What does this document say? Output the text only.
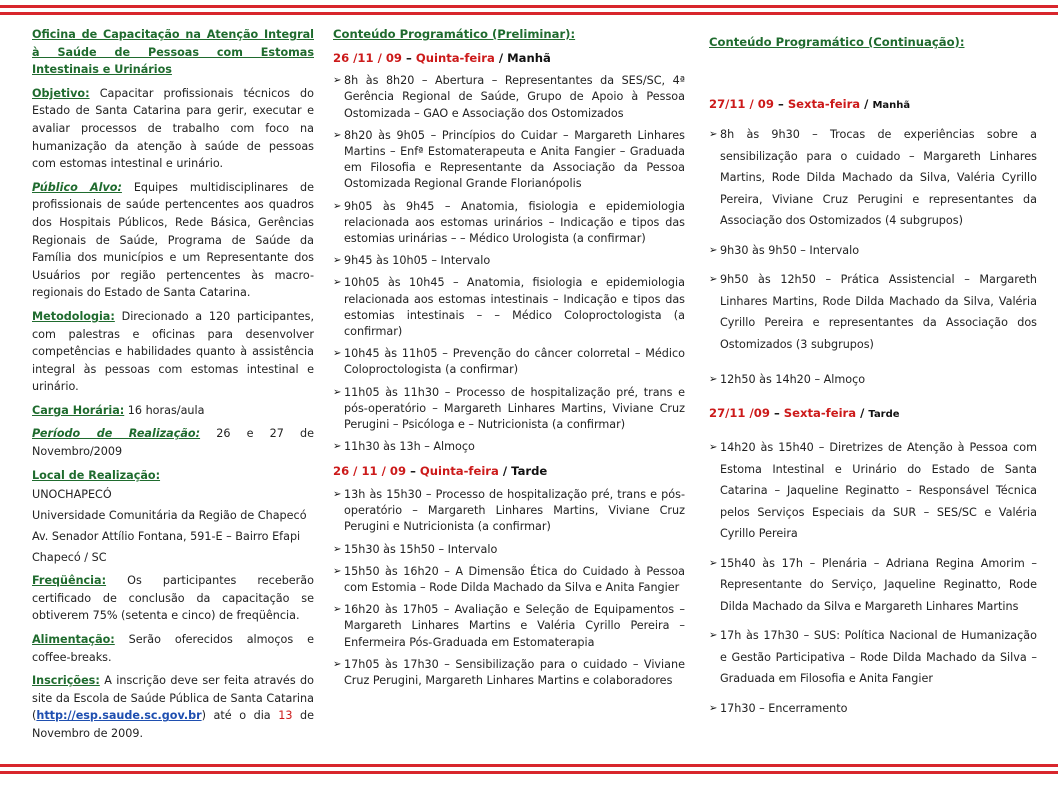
Oficina de Capacitação na Atenção Integral à Saúde de Pessoas com Estomas Intestinais e Urinários

Objetivo: Capacitar profissionais técnicos do Estado de Santa Catarina para gerir, executar e avaliar processos de trabalho com foco na humanização da atenção à saúde de pessoas com estomas intestinal e urinário.

Público Alvo: Equipes multidisciplinares de profissionais de saúde pertencentes aos quadros dos Hospitais Públicos, Rede Básica, Gerências Regionais de Saúde, Programa de Saúde da Família dos municípios e um Representante dos Usuários por região pertencentes às macro-regionais do Estado de Santa Catarina.

Metodologia: Direcionado a 120 participantes, com palestras e oficinas para desenvolver competências e habilidades quanto à assistência integral às pessoas com estomas intestinal e urinário.

Carga Horária: 16 horas/aula

Período de Realização: 26 e 27 de Novembro/2009

Local de Realização:

UNOCHAPECÓ
Universidade Comunitária da Região de Chapecó
Av. Senador Attílio Fontana, 591-E – Bairro Efapi
Chapecó / SC

Freqüência: Os participantes receberão certificado de conclusão da capacitação se obtiverem 75% (setenta e cinco) de freqüência.

Alimentação: Serão oferecidos almoços e coffee-breaks.

Inscrições: A inscrição deve ser feita através do site da Escola de Saúde Pública de Santa Catarina (http://esp.saude.sc.gov.br) até o dia 13 de Novembro de 2009.

Conteúdo Programático (Preliminar):

26 /11 / 09 – Quinta-feira / Manhã

➢ 8h às 8h20 – Abertura – Representantes da SES/SC, 4ª Gerência Regional de Saúde, Grupo de Apoio à Pessoa Ostomizada – GAO e Associação dos Ostomizados
➢ 8h20 às 9h05 – Princípios do Cuidar – Margareth Linhares Martins – Enfª Estomaterapeuta e Anita Fangier – Graduada em Filosofia e Representante da Associação da Pessoa Ostomizada Regional Grande Florianópolis
➢ 9h05 às 9h45 – Anatomia, fisiologia e epidemiologia relacionada aos estomas urinários – Indicação e tipos das estomias urinárias – – Médico Urologista (a confirmar)
➢ 9h45 às 10h05 – Intervalo
➢ 10h05 às 10h45 – Anatomia, fisiologia e epidemiologia relacionada aos estomas intestinais – Indicação e tipos das estomias intestinais – – Médico Coloproctologista (a confirmar)
➢ 10h45 às 11h05 – Prevenção do câncer colorretal – Médico Coloproctologista (a confirmar)
➢ 11h05 às 11h30 – Processo de hospitalização pré, trans e pós-operatório – Margareth Linhares Martins, Viviane Cruz Perugini – Psicóloga e – Nutricionista (a confirmar)
➢ 11h30 às 13h – Almoço

26 / 11 / 09 – Quinta-feira / Tarde

➢ 13h às 15h30 – Processo de hospitalização pré, trans e pós-operatório – Margareth Linhares Martins, Viviane Cruz Perugini e Nutricionista (a confirmar)
➢ 15h30 às 15h50 – Intervalo
➢ 15h50 às 16h20 – A Dimensão Ética do Cuidado à Pessoa com Estomia – Rode Dilda Machado da Silva e Anita Fangier
➢ 16h20 às 17h05 – Avaliação e Seleção de Equipamentos – Margareth Linhares Martins e Valéria Cyrillo Pereira – Enfermeira Pós-Graduada em Estomaterapia
➢ 17h05 às 17h30 – Sensibilização para o cuidado – Viviane Cruz Perugini, Margareth Linhares Martins e colaboradores

Conteúdo Programático (Continuação):

27/11 / 09 – Sexta-feira / Manhã

➢ 8h às 9h30 – Trocas de experiências sobre a sensibilização para o cuidado – Margareth Linhares Martins, Rode Dilda Machado da Silva, Valéria Cyrillo Pereira, Viviane Cruz Perugini e representantes da Associação dos Ostomizados (4 subgrupos)
➢ 9h30 às 9h50 – Intervalo
➢ 9h50 às 12h50 – Prática Assistencial – Margareth Linhares Martins, Rode Dilda Machado da Silva, Valéria Cyrillo Pereira e representantes da Associação dos Ostomizados (3 subgrupos)
➢ 12h50 às 14h20 – Almoço

27/11 /09 – Sexta-feira / Tarde

➢ 14h20 às 15h40 – Diretrizes de Atenção à Pessoa com Estoma Intestinal e Urinário do Estado de Santa Catarina – Jaqueline Reginatto – Responsável Técnica pelos Serviços Especiais da SUR – SES/SC e Valéria Cyrillo Pereira
➢ 15h40 às 17h – Plenária – Adriana Regina Amorim – Representante do Serviço, Jaqueline Reginatto, Rode Dilda Machado da Silva e Margareth Linhares Martins
➢ 17h às 17h30 – SUS: Política Nacional de Humanização e Gestão Participativa – Rode Dilda Machado da Silva – Graduada em Filosofia e Anita Fangier
➢ 17h30 – Encerramento
